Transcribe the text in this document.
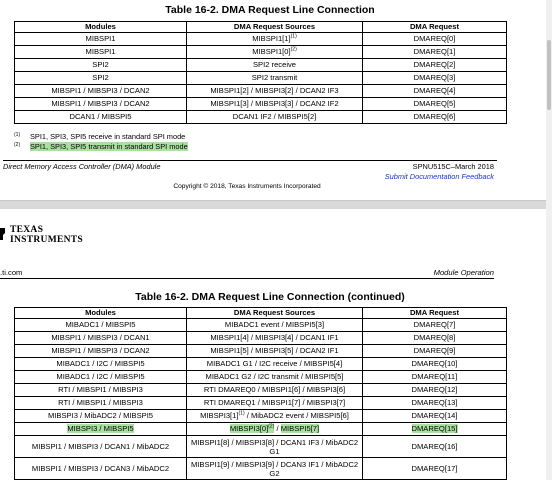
Table 16-2. DMA Request Line Connection
Modules	DMA Request Sources	DMA Request
MIBSPI1	$MIBSPI1[1]^{(1)}$	DMAREQ[0]
MIBSPI1	$MIBSPI1[0]^{(2)}$	DMAREQ[1]
SPI2	SPI2 receive	DMAREQ[2]
SPI2	SPI2 transmit	DMAREQ[3]
MIBSPI1 / MIBSPI3 / DCAN2	MIBSPI1[2] / MIBSPI3[2] / DCAN2 IF3	DMAREQ[4]
MIBSPI1 / MIBSPI3 / DCAN2	MIBSPI1[3] / MIBSPI3[3] / DCAN2 IF2	DMAREQ[5]
DCAN1 / MIBSPI5	DCAN1 IF2 / MIBSPI5[2]	DMAREQ[6]
(1) SPI1, SPI3, SPI5 receive in standard SPI mode
(2) SPI1, SPI3, SPI5 transmit in standard SPI mode
Direct Memory Access Controller (DMA) Module	SPNU515C–March 2018
Submit Documentation Feedback
Copyright © 2018, Texas Instruments Incorporated
TEXAS
INSTRUMENTS
.ti.com	Module Operation
Table 16-2. DMA Request Line Connection (continued)
Modules	DMA Request Sources	DMA Request
MIBADC1 / MIBSPI5	MIBADC1 event / MIBSPI5[3]	DMAREQ[7]
MIBSPI1 / MIBSPI3 / DCAN1	MIBSPI1[4] / MIBSPI3[4] / DCAN1 IF1	DMAREQ[8]
MIBSPI1 / MIBSPI3 / DCAN2	MIBSPI1[5] / MIBSPI3[5] / DCAN2 IF1	DMAREQ[9]
MIBADC1 / I2C / MIBSPI5	MIBADC1 G1 / I2C receive / MIBSPI5[4]	DMAREQ[10]
MIBADC1 / I2C / MIBSPI5	MIBADC1 G2 / I2C transmit / MIBSPI5[5]	DMAREQ[11]
RTI / MIBSPI1 / MIBSPI3	RTI DMAREQ0 / MIBSPI1[6] / MIBSPI3[6]	DMAREQ[12]
RTI / MIBSPI1 / MIBSPI3	RTI DMAREQ1 / MIBSPI1[7] / MIBSPI3[7]	DMAREQ[13]
MIBSPI3 / MibADC2 / MIBSPI5	$MIBSPI3[1]^{(1)}$ / MibADC2 event / MIBSPI5[6]	DMAREQ[14]
MIBSPI3 / MIBSPI5	$MIBSPI3[0]^{(2)}$ / MIBSPI5[7]	DMAREQ[15]
MIBSPI1 / MIBSPI3 / DCAN1 / MibADC2	MIBSPI1[8] / MIBSPI3[8] / DCAN1 IF3 / MibADC2 G1	DMAREQ[16]
MIBSPI1 / MIBSPI3 / DCAN3 / MibADC2	MIBSPI1[9] / MIBSPI3[9] / DCAN3 IF1 / MibADC2 G2	DMAREQ[17]
